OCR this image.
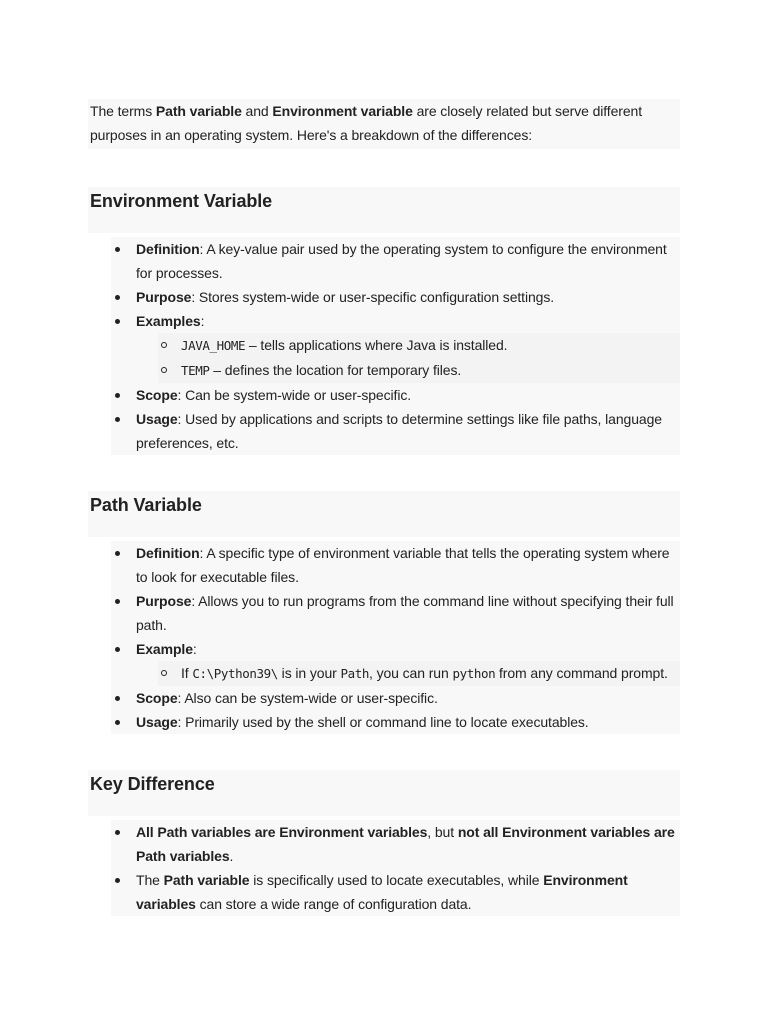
The terms Path variable and Environment variable are closely related but serve different purposes in an operating system. Here's a breakdown of the differences:

Environment Variable
Definition: A key-value pair used by the operating system to configure the environment for processes.
Purpose: Stores system-wide or user-specific configuration settings.
Examples:
JAVA_HOME – tells applications where Java is installed.
TEMP – defines the location for temporary files.
Scope: Can be system-wide or user-specific.
Usage: Used by applications and scripts to determine settings like file paths, language preferences, etc.
Path Variable
Definition: A specific type of environment variable that tells the operating system where to look for executable files.
Purpose: Allows you to run programs from the command line without specifying their full path.
Example:
If C:\Python39\ is in your Path, you can run python from any command prompt.
Scope: Also can be system-wide or user-specific.
Usage: Primarily used by the shell or command line to locate executables.
Key Difference
All Path variables are Environment variables, but not all Environment variables are Path variables.
The Path variable is specifically used to locate executables, while Environment variables can store a wide range of configuration data.
